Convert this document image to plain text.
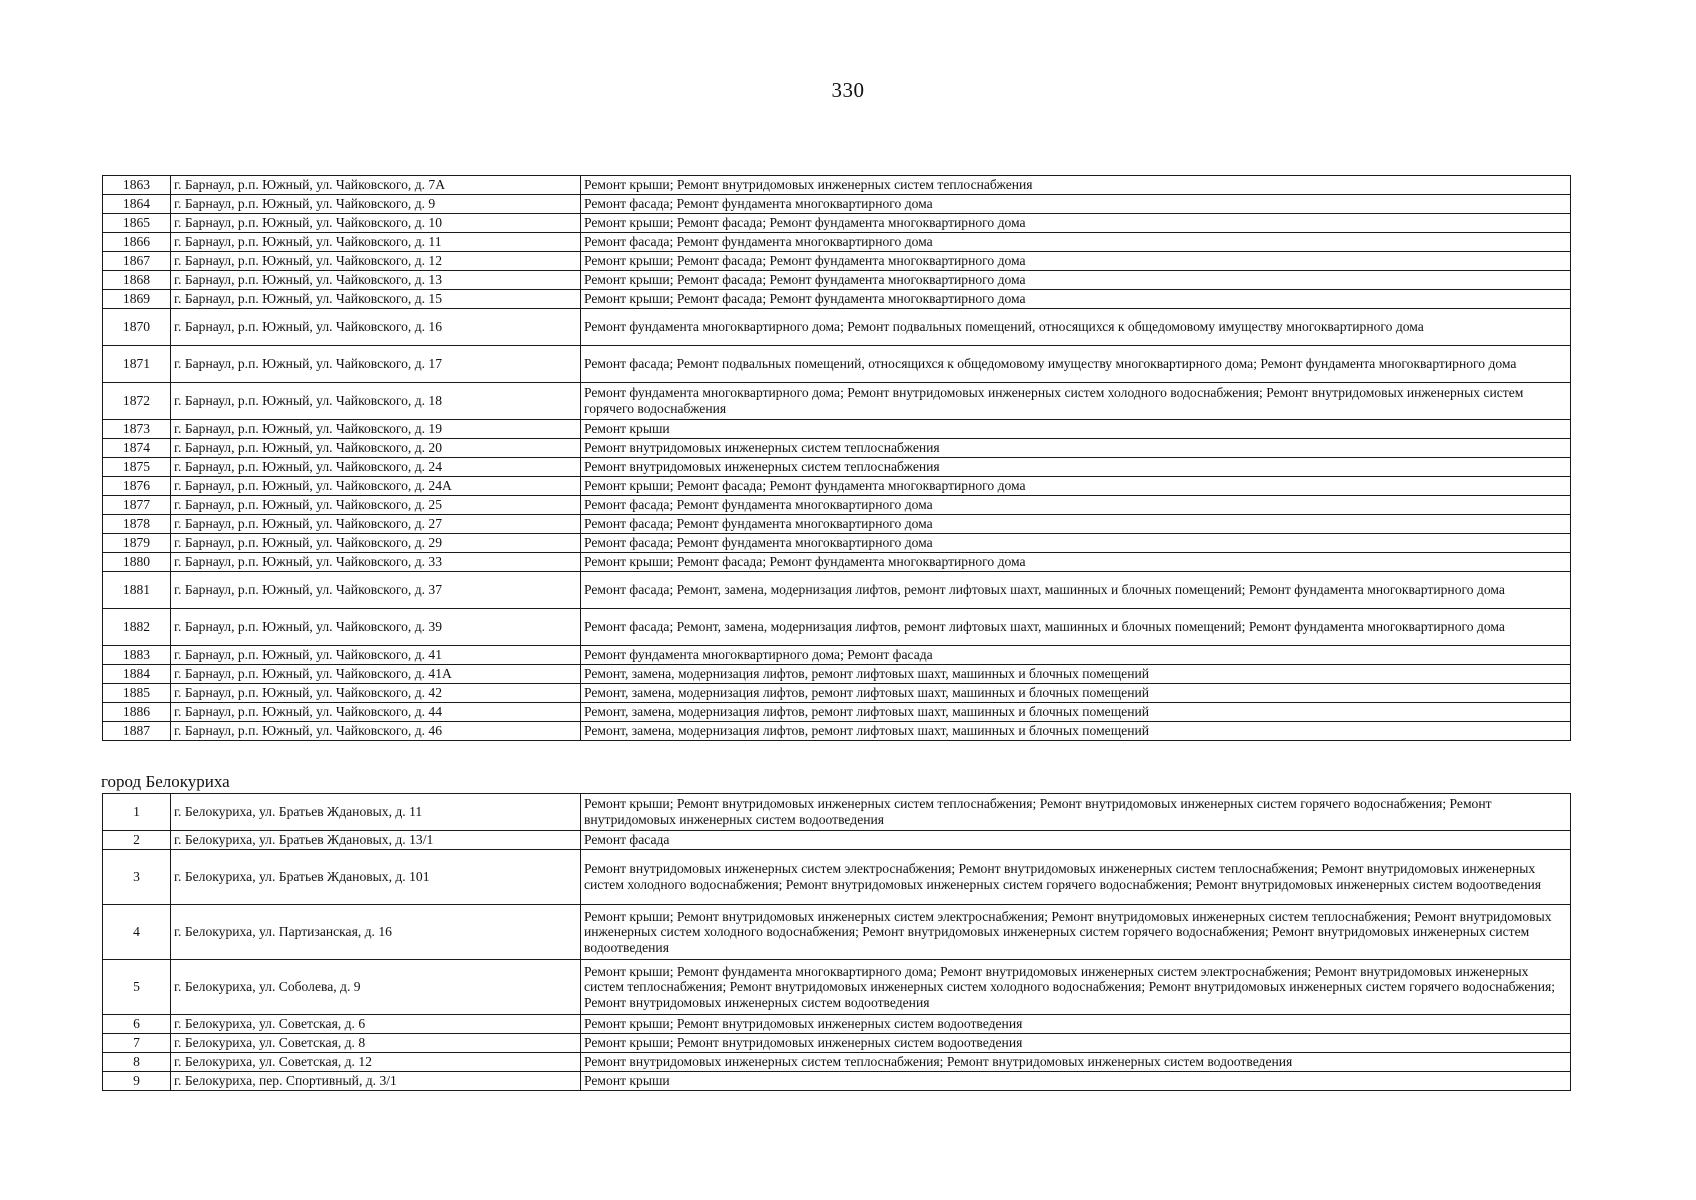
330
1863	г. Барнаул, р.п. Южный, ул. Чайковского, д. 7А	Ремонт крыши; Ремонт внутридомовых инженерных систем теплоснабжения
1864	г. Барнаул, р.п. Южный, ул. Чайковского, д. 9	Ремонт фасада; Ремонт фундамента многоквартирного дома
1865	г. Барнаул, р.п. Южный, ул. Чайковского, д. 10	Ремонт крыши; Ремонт фасада; Ремонт фундамента многоквартирного дома
1866	г. Барнаул, р.п. Южный, ул. Чайковского, д. 11	Ремонт фасада; Ремонт фундамента многоквартирного дома
1867	г. Барнаул, р.п. Южный, ул. Чайковского, д. 12	Ремонт крыши; Ремонт фасада; Ремонт фундамента многоквартирного дома
1868	г. Барнаул, р.п. Южный, ул. Чайковского, д. 13	Ремонт крыши; Ремонт фасада; Ремонт фундамента многоквартирного дома
1869	г. Барнаул, р.п. Южный, ул. Чайковского, д. 15	Ремонт крыши; Ремонт фасада; Ремонт фундамента многоквартирного дома
1870	г. Барнаул, р.п. Южный, ул. Чайковского, д. 16	Ремонт фундамента многоквартирного дома; Ремонт подвальных помещений, относящихся к общедомовому имуществу многоквартирного дома
1871	г. Барнаул, р.п. Южный, ул. Чайковского, д. 17	Ремонт фасада; Ремонт подвальных помещений, относящихся к общедомовому имуществу многоквартирного дома; Ремонт фундамента многоквартирного дома
1872	г. Барнаул, р.п. Южный, ул. Чайковского, д. 18	Ремонт фундамента многоквартирного дома; Ремонт внутридомовых инженерных систем холодного водоснабжения; Ремонт внутридомовых инженерных систем горячего водоснабжения
1873	г. Барнаул, р.п. Южный, ул. Чайковского, д. 19	Ремонт крыши
1874	г. Барнаул, р.п. Южный, ул. Чайковского, д. 20	Ремонт внутридомовых инженерных систем теплоснабжения
1875	г. Барнаул, р.п. Южный, ул. Чайковского, д. 24	Ремонт внутридомовых инженерных систем теплоснабжения
1876	г. Барнаул, р.п. Южный, ул. Чайковского, д. 24А	Ремонт крыши; Ремонт фасада; Ремонт фундамента многоквартирного дома
1877	г. Барнаул, р.п. Южный, ул. Чайковского, д. 25	Ремонт фасада; Ремонт фундамента многоквартирного дома
1878	г. Барнаул, р.п. Южный, ул. Чайковского, д. 27	Ремонт фасада; Ремонт фундамента многоквартирного дома
1879	г. Барнаул, р.п. Южный, ул. Чайковского, д. 29	Ремонт фасада; Ремонт фундамента многоквартирного дома
1880	г. Барнаул, р.п. Южный, ул. Чайковского, д. 33	Ремонт крыши; Ремонт фасада; Ремонт фундамента многоквартирного дома
1881	г. Барнаул, р.п. Южный, ул. Чайковского, д. 37	Ремонт фасада; Ремонт, замена, модернизация лифтов, ремонт лифтовых шахт, машинных и блочных помещений; Ремонт фундамента многоквартирного дома
1882	г. Барнаул, р.п. Южный, ул. Чайковского, д. 39	Ремонт фасада; Ремонт, замена, модернизация лифтов, ремонт лифтовых шахт, машинных и блочных помещений; Ремонт фундамента многоквартирного дома
1883	г. Барнаул, р.п. Южный, ул. Чайковского, д. 41	Ремонт фундамента многоквартирного дома; Ремонт фасада
1884	г. Барнаул, р.п. Южный, ул. Чайковского, д. 41А	Ремонт, замена, модернизация лифтов, ремонт лифтовых шахт, машинных и блочных помещений
1885	г. Барнаул, р.п. Южный, ул. Чайковского, д. 42	Ремонт, замена, модернизация лифтов, ремонт лифтовых шахт, машинных и блочных помещений
1886	г. Барнаул, р.п. Южный, ул. Чайковского, д. 44	Ремонт, замена, модернизация лифтов, ремонт лифтовых шахт, машинных и блочных помещений
1887	г. Барнаул, р.п. Южный, ул. Чайковского, д. 46	Ремонт, замена, модернизация лифтов, ремонт лифтовых шахт, машинных и блочных помещений
город Белокуриха
1	г. Белокуриха, ул. Братьев Ждановых, д. 11	Ремонт крыши; Ремонт внутридомовых инженерных систем теплоснабжения; Ремонт внутридомовых инженерных систем горячего водоснабжения; Ремонт внутридомовых инженерных систем водоотведения
2	г. Белокуриха, ул. Братьев Ждановых, д. 13/1	Ремонт фасада
3	г. Белокуриха, ул. Братьев Ждановых, д. 101	Ремонт внутридомовых инженерных систем электроснабжения; Ремонт внутридомовых инженерных систем теплоснабжения; Ремонт внутридомовых инженерных систем холодного водоснабжения; Ремонт внутридомовых инженерных систем горячего водоснабжения; Ремонт внутридомовых инженерных систем водоотведения
4	г. Белокуриха, ул. Партизанская, д. 16	Ремонт крыши; Ремонт внутридомовых инженерных систем электроснабжения; Ремонт внутридомовых инженерных систем теплоснабжения; Ремонт внутридомовых инженерных систем холодного водоснабжения; Ремонт внутридомовых инженерных систем горячего водоснабжения; Ремонт внутридомовых инженерных систем водоотведения
5	г. Белокуриха, ул. Соболева, д. 9	Ремонт крыши; Ремонт фундамента многоквартирного дома; Ремонт внутридомовых инженерных систем электроснабжения; Ремонт внутридомовых инженерных систем теплоснабжения; Ремонт внутридомовых инженерных систем холодного водоснабжения; Ремонт внутридомовых инженерных систем горячего водоснабжения; Ремонт внутридомовых инженерных систем водоотведения
6	г. Белокуриха, ул. Советская, д. 6	Ремонт крыши; Ремонт внутридомовых инженерных систем водоотведения
7	г. Белокуриха, ул. Советская, д. 8	Ремонт крыши; Ремонт внутридомовых инженерных систем водоотведения
8	г. Белокуриха, ул. Советская, д. 12	Ремонт внутридомовых инженерных систем теплоснабжения; Ремонт внутридомовых инженерных систем водоотведения
9	г. Белокуриха, пер. Спортивный, д. 3/1	Ремонт крыши
